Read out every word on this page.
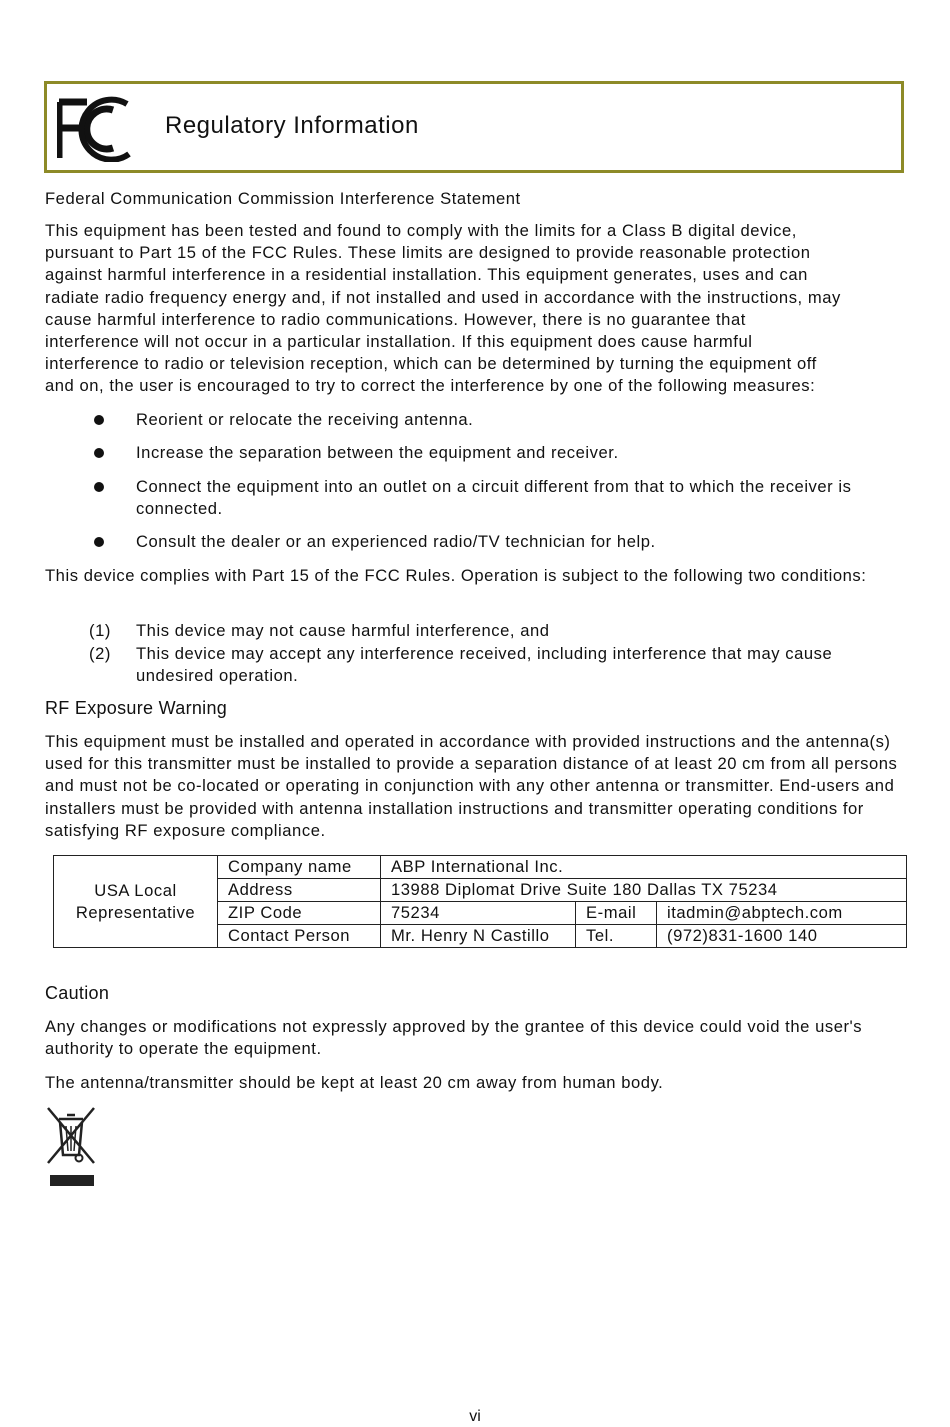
Regulatory Information
Federal Communication Commission Interference Statement
This equipment has been tested and found to comply with the limits for a Class B digital device,
pursuant to Part 15 of the FCC Rules. These limits are designed to provide reasonable protection
against harmful interference in a residential installation. This equipment generates, uses and can
radiate radio frequency energy and, if not installed and used in accordance with the instructions, may
cause harmful interference to radio communications. However, there is no guarantee that
interference will not occur in a particular installation. If this equipment does cause harmful
interference to radio or television reception, which can be determined by turning the equipment off
and on, the user is encouraged to try to correct the interference by one of the following measures:
Reorient or relocate the receiving antenna.
Increase the separation between the equipment and receiver.
Connect the equipment into an outlet on a circuit different from that to which the receiver is connected.
Consult the dealer or an experienced radio/TV technician for help.
This device complies with Part 15 of the FCC Rules. Operation is subject to the following two conditions:
(1) This device may not cause harmful interference, and
(2) This device may accept any interference received, including interference that may cause undesired operation.
RF Exposure Warning
This equipment must be installed and operated in accordance with provided instructions and the antenna(s) used for this transmitter must be installed to provide a separation distance of at least 20 cm from all persons and must not be co-located or operating in conjunction with any other antenna or transmitter. End-users and installers must be provided with antenna installation instructions and transmitter operating conditions for satisfying RF exposure compliance.
USA Local Representative	Company name	ABP International Inc.		
	Address	13988 Diplomat Drive Suite 180 Dallas TX 75234		
	ZIP Code	75234	E-mail	itadmin@abptech.com
	Contact Person	Mr. Henry N Castillo	Tel.	(972)831-1600 140
Caution
Any changes or modifications not expressly approved by the grantee of this device could void the user's authority to operate the equipment.
The antenna/transmitter should be kept at least 20 cm away from human body.
vi
